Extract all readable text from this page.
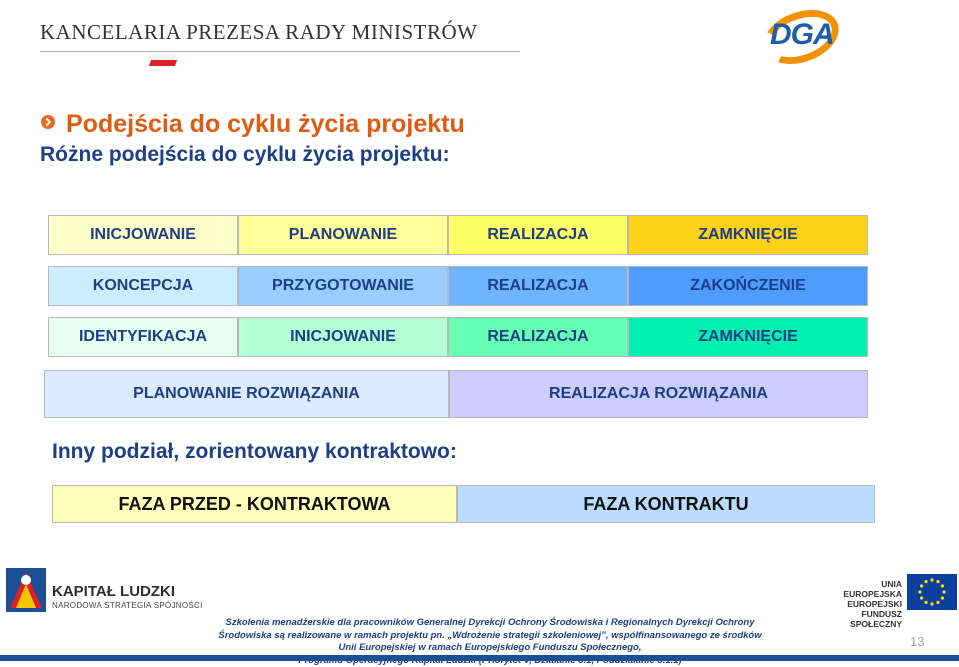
KANCELARIA PREZESA RADY MINISTRÓW	DGA
Podejścia do cyklu życia projektu
Różne podejścia do cyklu życia projektu:
INICJOWANIE	PLANOWANIE	REALIZACJA	ZAMKNIĘCIE
KONCEPCJA	PRZYGOTOWANIE	REALIZACJA	ZAKOŃCZENIE
IDENTYFIKACJA	INICJOWANIE	REALIZACJA	ZAMKNIĘCIE
PLANOWANIE ROZWIĄZANIA	REALIZACJA ROZWIĄZANIA
Inny podział, zorientowany kontraktowo:
FAZA PRZED - KONTRAKTOWA	FAZA KONTRAKTU
KAPITAŁ LUDZKI
NARODOWA STRATEGIA SPÓJNOŚCI
UNIA EUROPEJSKA
EUROPEJSKI
FUNDUSZ SPOŁECZNY
Szkolenia menadżerskie dla pracowników Generalnej Dyrekcji Ochrony Środowiska i Regionalnych Dyrekcji Ochrony
Środowiska są realizowane w ramach projektu pn. „Wdrożenie strategii szkoleniowej”, współfinansowanego ze środków
Unii Europejskiej w ramach Europejskiego Funduszu Społecznego,	13
